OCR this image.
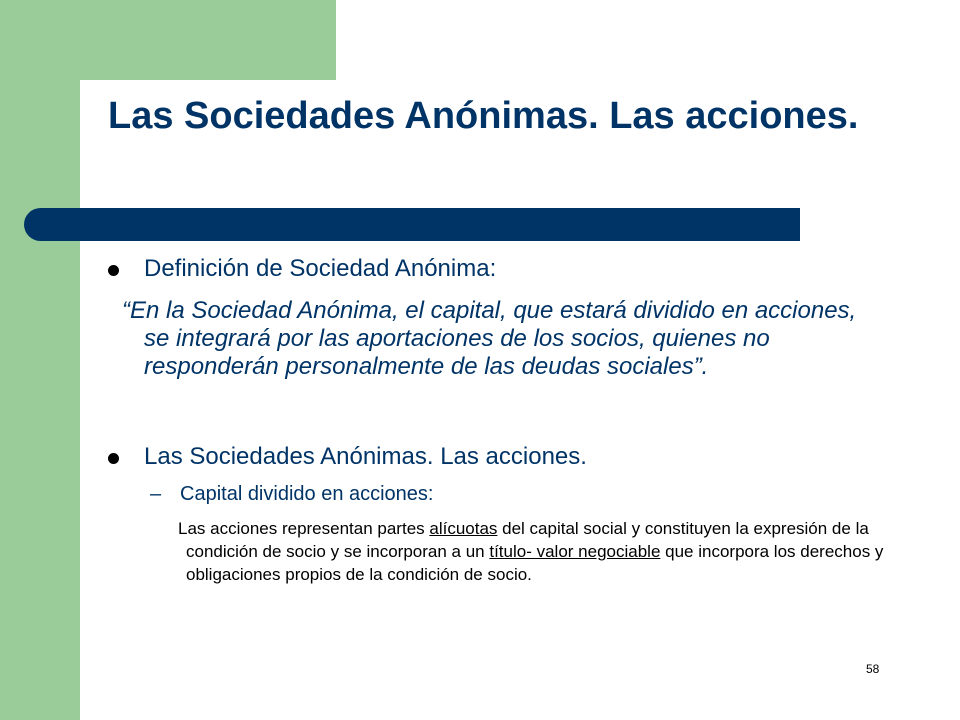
Las Sociedades Anónimas. Las acciones.
Definición de Sociedad Anónima:

“En la Sociedad Anónima, el capital, que estará dividido en acciones, se integrará por las aportaciones de los socios, quienes no responderán personalmente de las deudas sociales”.

Las Sociedades Anónimas. Las acciones.
– Capital dividido en acciones:

Las acciones representan partes alícuotas del capital social y constituyen la expresión de la condición de socio y se incorporan a un título- valor negociable que incorpora los derechos y obligaciones propios de la condición de socio.

58
